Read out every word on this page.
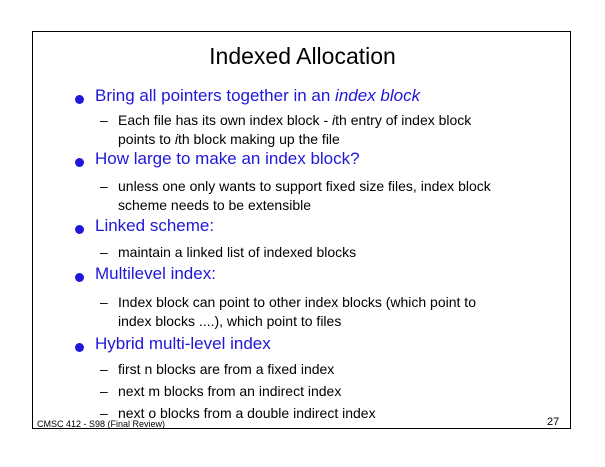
Indexed Allocation
Bring all pointers together in an index block
– Each file has its own index block - ith entry of index block
points to ith block making up the file
How large to make an index block?
– unless one only wants to support fixed size files, index block
scheme needs to be extensible
Linked scheme:
– maintain a linked list of indexed blocks
Multilevel index:
– Index block can point to other index blocks (which point to
index blocks ....), which point to files
Hybrid multi-level index
– first n blocks are from a fixed index
– next m blocks from an indirect index
– next o blocks from a double indirect index
CMSC 412 - S98 (Final Review)	27
